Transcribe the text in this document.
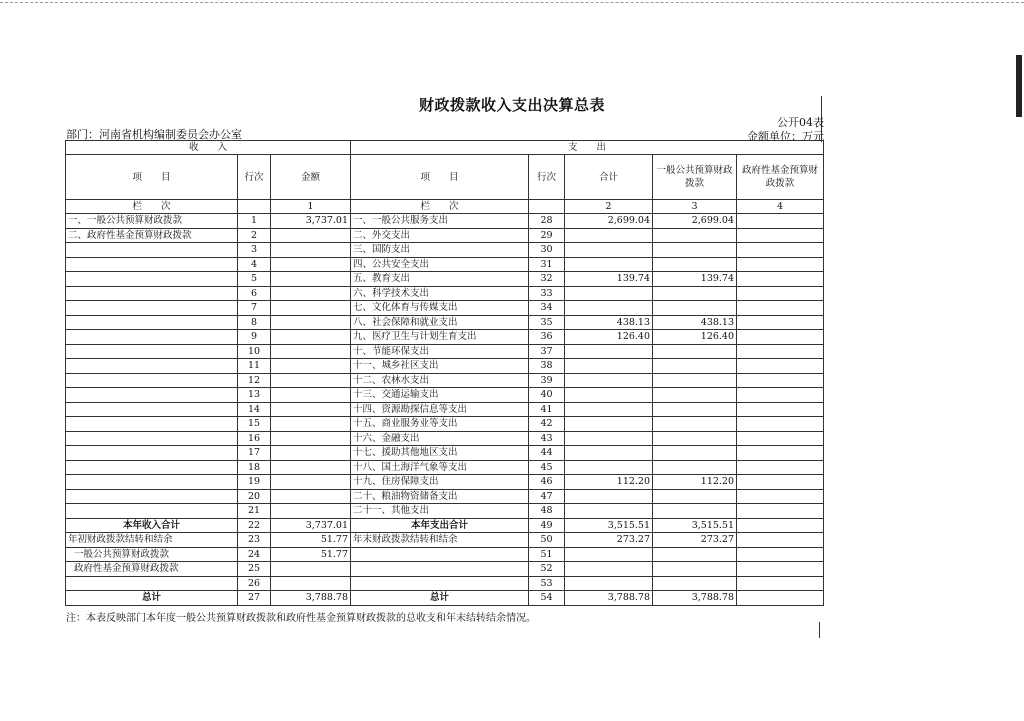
财政拨款收入支出决算总表
公开04表
部门：河南省机构编制委员会办公室	金额单位：万元
收　　入			支　　出				
项　　目	行次	金额	项　　目	行次	合计	一般公共预算财政拨款	政府性基金预算财政拨款
栏　　次		1	栏　　次		2	3	4
一、一般公共预算财政拨款	1	3,737.01	一、一般公共服务支出	28	2,699.04	2,699.04	
二、政府性基金预算财政拨款	2		二、外交支出	29			
	3		三、国防支出	30			
	4		四、公共安全支出	31			
	5		五、教育支出	32	139.74	139.74	
	6		六、科学技术支出	33			
	7		七、文化体育与传媒支出	34			
	8		八、社会保障和就业支出	35	438.13	438.13	
	9		九、医疗卫生与计划生育支出	36	126.40	126.40	
	10		十、节能环保支出	37			
	11		十一、城乡社区支出	38			
	12		十二、农林水支出	39			
	13		十三、交通运输支出	40			
	14		十四、资源勘探信息等支出	41			
	15		十五、商业服务业等支出	42			
	16		十六、金融支出	43			
	17		十七、援助其他地区支出	44			
	18		十八、国土海洋气象等支出	45			
	19		十九、住房保障支出	46	112.20	112.20	
	20		二十、粮油物资储备支出	47			
	21		二十一、其他支出	48			
本年收入合计	22	3,737.01	本年支出合计	49	3,515.51	3,515.51	
年初财政拨款结转和结余	23	51.77	年末财政拨款结转和结余	50	273.27	273.27	
一般公共预算财政拨款	24	51.77		51			
政府性基金预算财政拨款	25			52			
	26			53			
总计	27	3,788.78	总计	54	3,788.78	3,788.78	
注：本表反映部门本年度一般公共预算财政拨款和政府性基金预算财政拨款的总收支和年末结转结余情况。
